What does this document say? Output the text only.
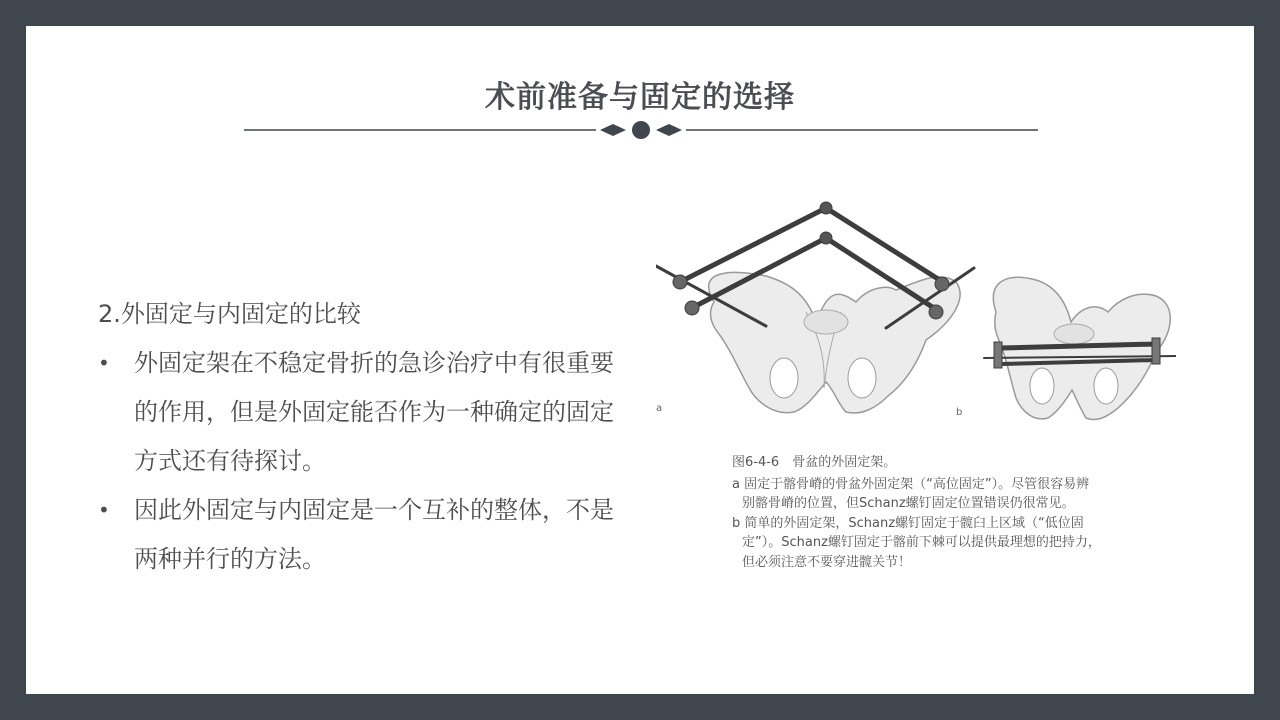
术前准备与固定的选择
2.外固定与内固定的比较
• 外固定架在不稳定骨折的急诊治疗中有很重要的作用，但是外固定能否作为一种确定的固定方式还有待探讨。
• 因此外固定与内固定是一个互补的整体，不是两种并行的方法。
a	b
图6-4-6　骨盆的外固定架。
a 固定于髂骨嵴的骨盆外固定架（“高位固定”）。尽管很容易辨别髂骨嵴的位置，但Schanz螺钉固定位置错误仍很常见。
b 简单的外固定架，Schanz螺钉固定于髋臼上区域（“低位固定”）。Schanz螺钉固定于髂前下棘可以提供最理想的把持力，但必须注意不要穿进髋关节！
